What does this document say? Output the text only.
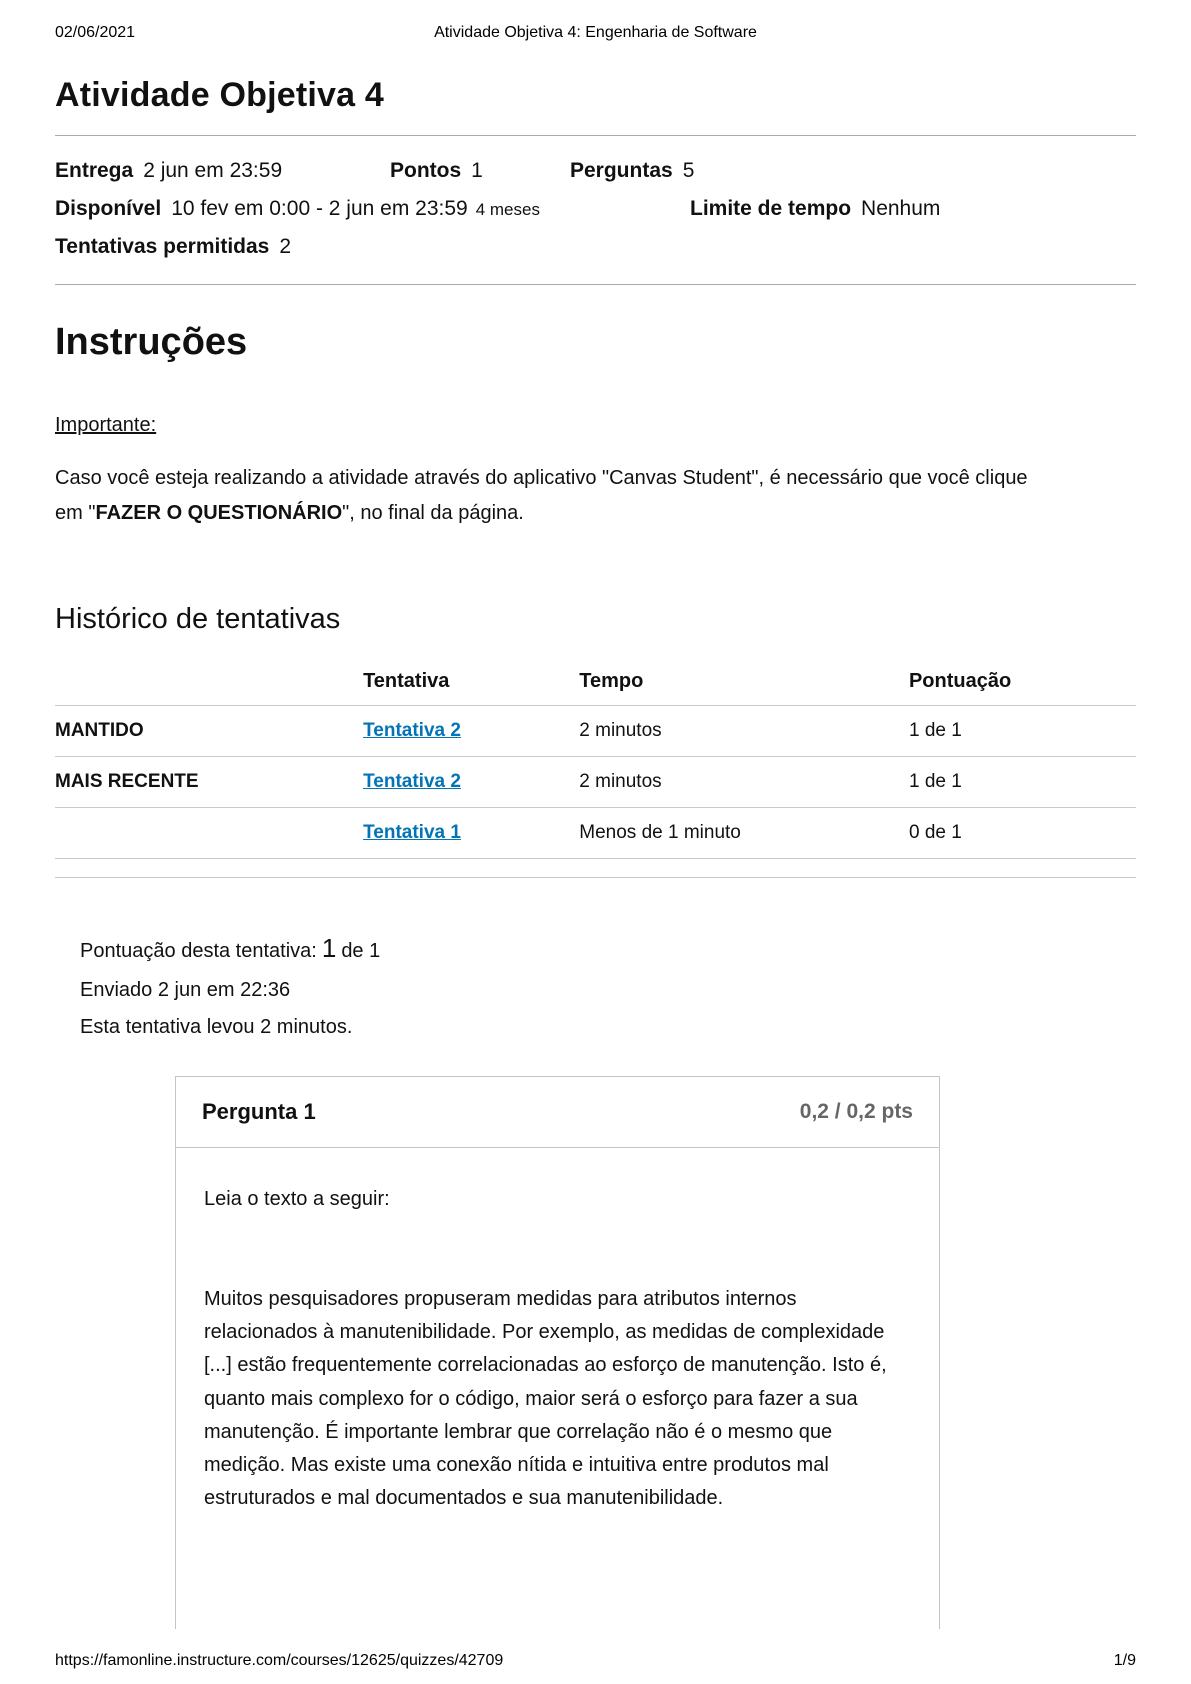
02/06/2021	Atividade Objetiva 4: Engenharia de Software
Atividade Objetiva 4
Entrega 2 jun em 23:59	Pontos 1	Perguntas 5
Disponível 10 fev em 0:00 - 2 jun em 23:59 4 meses	Limite de tempo Nenhum
Tentativas permitidas 2
Instruções
Importante:

Caso você esteja realizando a atividade através do aplicativo "Canvas Student", é necessário que você clique em "FAZER O QUESTIONÁRIO", no final da página.

Histórico de tentativas
	Tentativa	Tempo	Pontuação
MANTIDO	Tentativa 2	2 minutos	1 de 1
MAIS RECENTE	Tentativa 2	2 minutos	1 de 1
	Tentativa 1	Menos de 1 minuto	0 de 1
Pontuação desta tentativa: 1 de 1
Enviado 2 jun em 22:36
Esta tentativa levou 2 minutos.
Pergunta 1	0,2 / 0,2 pts

Leia o texto a seguir:

Muitos pesquisadores propuseram medidas para atributos internos relacionados à manutenibilidade. Por exemplo, as medidas de complexidade [...] estão frequentemente correlacionadas ao esforço de manutenção. Isto é, quanto mais complexo for o código, maior será o esforço para fazer a sua manutenção. É importante lembrar que correlação não é o mesmo que medição. Mas existe uma conexão nítida e intuitiva entre produtos mal estruturados e mal documentados e sua manutenibilidade.

https://famonline.instructure.com/courses/12625/quizzes/42709	1/9
